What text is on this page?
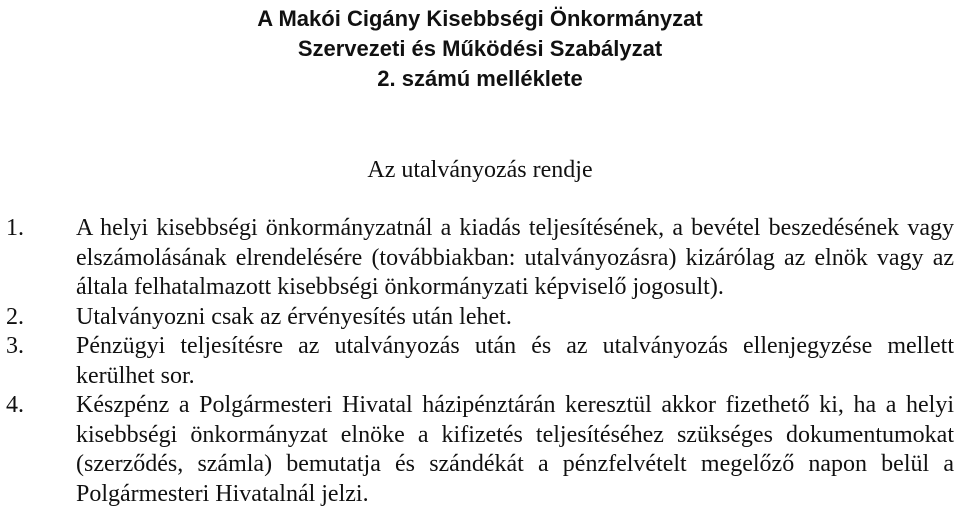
A Makói Cigány Kisebbségi Önkormányzat
Szervezeti és Működési Szabályzat
2. számú melléklete
Az utalványozás rendje
1. A helyi kisebbségi önkormányzatnál a kiadás teljesítésének, a bevétel beszedésének vagy elszámolásának elrendelésére (továbbiakban: utalványozásra) kizárólag az elnök vagy az általa felhatalmazott kisebbségi önkormányzati képviselő jogosult).
2. Utalványozni csak az érvényesítés után lehet.
3. Pénzügyi teljesítésre az utalványozás után és az utalványozás ellenjegyzése mellett kerülhet sor.
4. Készpénz a Polgármesteri Hivatal házipénztárán keresztül akkor fizethető ki, ha a helyi kisebbségi önkormányzat elnöke a kifizetés teljesítéséhez szükséges dokumentumokat (szerződés, számla) bemutatja és szándékát a pénzfelvételt megelőző napon belül a Polgármesteri Hivatalnál jelzi.
